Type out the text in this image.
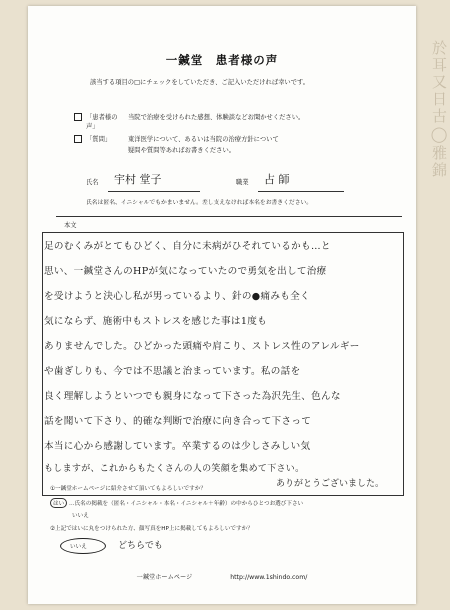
於耳又日古◯雅錦
一鍼堂　患者様の声
該当する項目の□にチェックをしていただき、ご記入いただければ幸いです。
「患者様の声」
当院で治療を受けられた感想、体験談などお聞かせください。
「質問」	東洋医学について、あるいは当院の治療方針について
疑問や質問等あればお書きください。
氏名 宇村 堂子	職業 占 師
氏名は匿名、イニシャルでもかまいません。差し支えなければ本名をお書きください。
本文
足のむくみがとてもひどく、自分に未病がひそれているかも…と
思い、一鍼堂さんのHPが気になっていたので勇気を出して治療
を受けようと決心し私が男っているより、針の●痛みも全く
気にならず、施術中もストレスを感じた事は1度も
ありませんでした。ひどかった頭痛や肩こり、ストレス性のアレルギー
や歯ぎしりも、今では不思議と治まっています。私の話を
良く理解しようといつでも親身になって下さった為沢先生、色んな
話を聞いて下さり、的確な判断で治療に向き合って下さって
本当に心から感謝しています。卒業するのは少しさみしい気
もしますが、これからもたくさんの人の笑顔を集めて下さい。
ありがとうございました。
①一鍼堂ホームページに紹介させて頂いてもよろしいですか？
はい …氏名の掲載を（匿名・イニシャル・本名・イニシャル＋年齢）の中からひとつお選び下さい
いいえ
②上記ではいに丸をつけられた方、顔写真をHP上に掲載してもよろしいですか？
いいえ	どちらでも
一鍼堂ホームページ	http://www.1shindo.com/
